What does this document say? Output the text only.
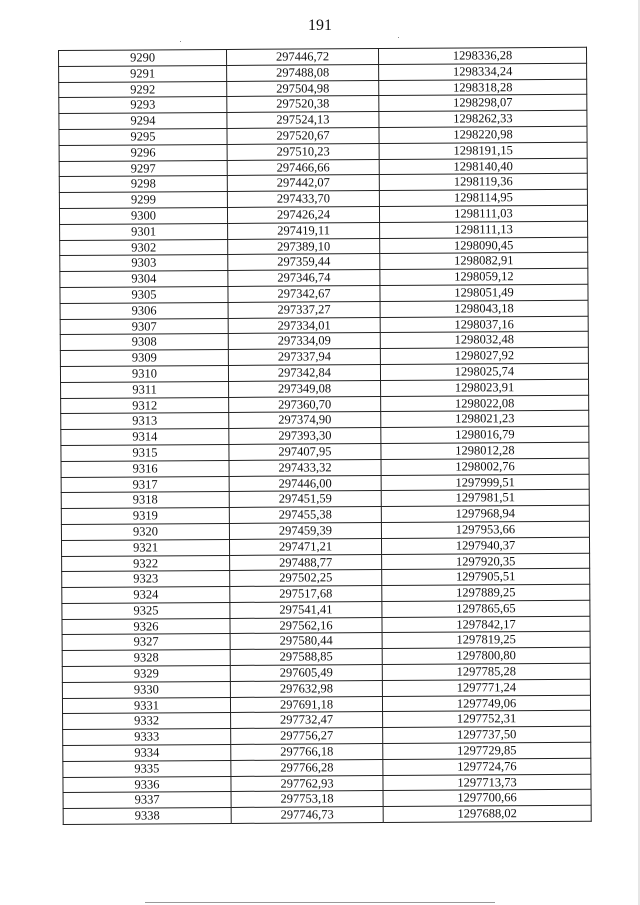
191
9290	297446,72	1298336,28
9291	297488,08	1298334,24
9292	297504,98	1298318,28
9293	297520,38	1298298,07
9294	297524,13	1298262,33
9295	297520,67	1298220,98
9296	297510,23	1298191,15
9297	297466,66	1298140,40
9298	297442,07	1298119,36
9299	297433,70	1298114,95
9300	297426,24	1298111,03
9301	297419,11	1298111,13
9302	297389,10	1298090,45
9303	297359,44	1298082,91
9304	297346,74	1298059,12
9305	297342,67	1298051,49
9306	297337,27	1298043,18
9307	297334,01	1298037,16
9308	297334,09	1298032,48
9309	297337,94	1298027,92
9310	297342,84	1298025,74
9311	297349,08	1298023,91
9312	297360,70	1298022,08
9313	297374,90	1298021,23
9314	297393,30	1298016,79
9315	297407,95	1298012,28
9316	297433,32	1298002,76
9317	297446,00	1297999,51
9318	297451,59	1297981,51
9319	297455,38	1297968,94
9320	297459,39	1297953,66
9321	297471,21	1297940,37
9322	297488,77	1297920,35
9323	297502,25	1297905,51
9324	297517,68	1297889,25
9325	297541,41	1297865,65
9326	297562,16	1297842,17
9327	297580,44	1297819,25
9328	297588,85	1297800,80
9329	297605,49	1297785,28
9330	297632,98	1297771,24
9331	297691,18	1297749,06
9332	297732,47	1297752,31
9333	297756,27	1297737,50
9334	297766,18	1297729,85
9335	297766,28	1297724,76
9336	297762,93	1297713,73
9337	297753,18	1297700,66
9338	297746,73	1297688,02
